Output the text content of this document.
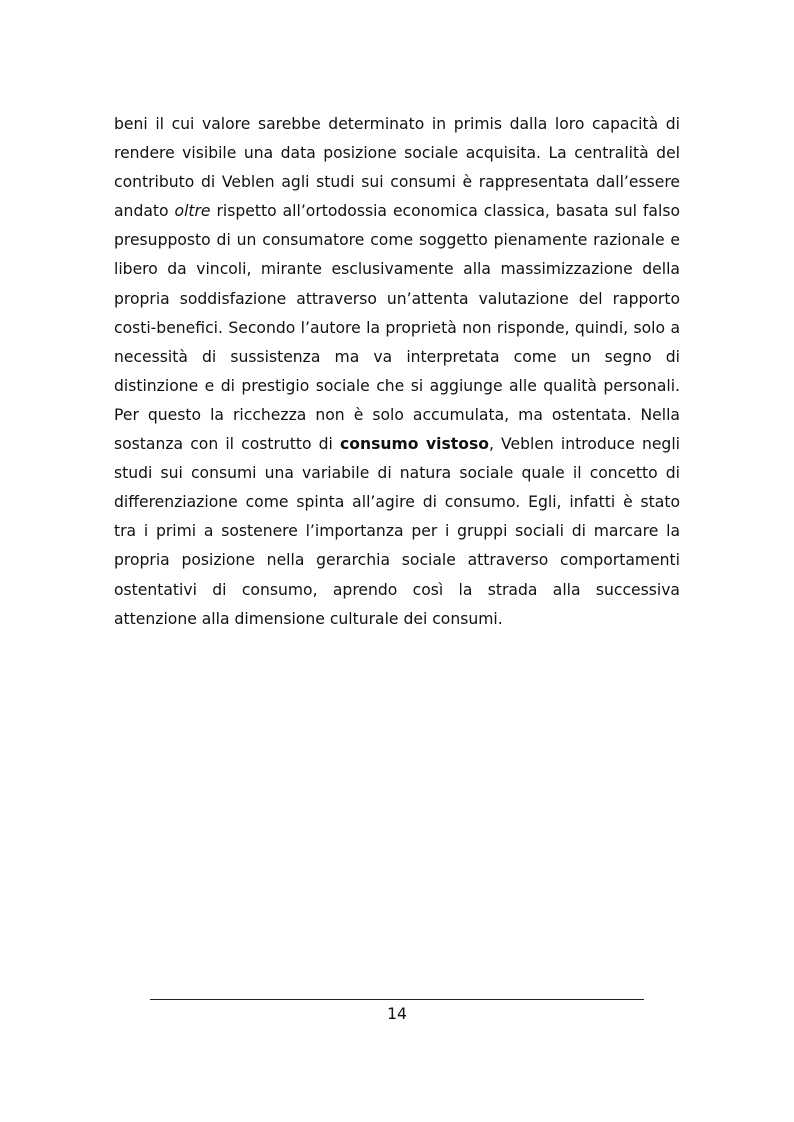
beni il cui valore sarebbe determinato in primis dalla loro capacità di rendere visibile una data posizione sociale acquisita. La centralità del contributo di Veblen agli studi sui consumi è rappresentata dall’essere andato oltre rispetto all’ortodossia economica classica, basata sul falso presupposto di un consumatore come soggetto pienamente razionale e libero da vincoli, mirante esclusivamente alla massimizzazione della propria soddisfazione attraverso un’attenta valutazione del rapporto costi-benefici. Secondo l’autore la proprietà non risponde, quindi, solo a necessità di sussistenza ma va interpretata come un segno di distinzione e di prestigio sociale che si aggiunge alle qualità personali. Per questo la ricchezza non è solo accumulata, ma ostentata. Nella sostanza con il costrutto di consumo vistoso, Veblen introduce negli studi sui consumi una variabile di natura sociale quale il concetto di differenziazione come spinta all’agire di consumo. Egli, infatti è stato tra i primi a sostenere l’importanza per i gruppi sociali di marcare la propria posizione nella gerarchia sociale attraverso comportamenti ostentativi di consumo, aprendo così la strada alla successiva attenzione alla dimensione culturale dei consumi.

14
